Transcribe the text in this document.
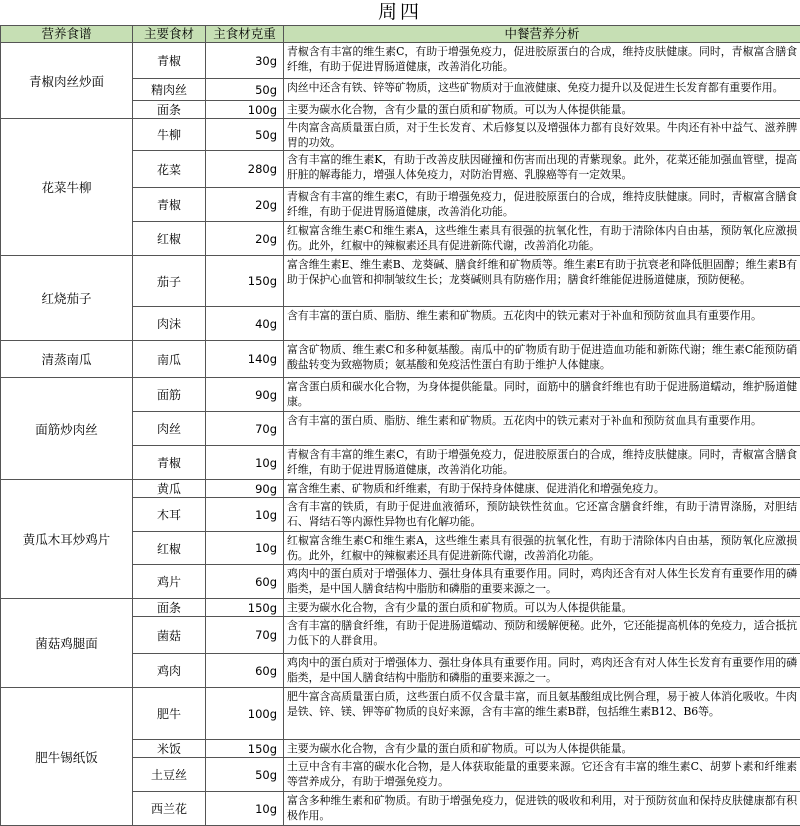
周四
营养食谱	主要食材	主食材克重	中餐营养分析
青椒肉丝炒面	青椒	30g	青椒含有丰富的维生素C，有助于增强免疫力，促进胶原蛋白的合成，维持皮肤健康。同时，青椒富含膳食纤维，有助于促进胃肠道健康，改善消化功能。
	精肉丝	50g	肉丝中还含有铁、锌等矿物质，这些矿物质对于血液健康、免疫力提升以及促进生长发育都有重要作用。
	面条	100g	主要为碳水化合物，含有少量的蛋白质和矿物质。可以为人体提供能量。
花菜牛柳	牛柳	50g	牛肉富含高质量蛋白质，对于生长发育、术后修复以及增强体力都有良好效果。牛肉还有补中益气、滋养脾胃的功效。
	花菜	280g	含有丰富的维生素K，有助于改善皮肤因碰撞和伤害而出现的青紫现象。此外，花菜还能加强血管壁，提高肝脏的解毒能力，增强人体免疫力，对防治胃癌、乳腺癌等有一定效果。
	青椒	20g	青椒含有丰富的维生素C，有助于增强免疫力，促进胶原蛋白的合成，维持皮肤健康。同时，青椒富含膳食纤维，有助于促进胃肠道健康，改善消化功能。
	红椒	20g	红椒富含维生素C和维生素A，这些维生素具有很强的抗氧化性，有助于清除体内自由基，预防氧化应激损伤。此外，红椒中的辣椒素还具有促进新陈代谢，改善消化功能。
红烧茄子	茄子	150g	富含维生素E、维生素B、龙葵碱、膳食纤维和矿物质等。维生素E有助于抗衰老和降低胆固醇；维生素B有助于保护心血管和抑制皱纹生长；龙葵碱则具有防癌作用；膳食纤维能促进肠道健康，预防便秘。
	肉沫	40g	含有丰富的蛋白质、脂肪、维生素和矿物质。五花肉中的铁元素对于补血和预防贫血具有重要作用。
清蒸南瓜	南瓜	140g	富含矿物质、维生素C和多种氨基酸。南瓜中的矿物质有助于促进造血功能和新陈代谢；维生素C能预防硝酸盐转变为致癌物质；氨基酸和免疫活性蛋白有助于维护人体健康。
面筋炒肉丝	面筋	90g	富含蛋白质和碳水化合物，为身体提供能量。同时，面筋中的膳食纤维也有助于促进肠道蠕动，维护肠道健康。
	肉丝	70g	含有丰富的蛋白质、脂肪、维生素和矿物质。五花肉中的铁元素对于补血和预防贫血具有重要作用。
	青椒	10g	青椒含有丰富的维生素C，有助于增强免疫力，促进胶原蛋白的合成，维持皮肤健康。同时，青椒富含膳食纤维，有助于促进胃肠道健康，改善消化功能。
黄瓜木耳炒鸡片	黄瓜	90g	富含维生素、矿物质和纤维素，有助于保持身体健康、促进消化和增强免疫力。
	木耳	10g	含有丰富的铁质，有助于促进血液循环，预防缺铁性贫血。它还富含膳食纤维，有助于清胃涤肠，对胆结石、肾结石等内源性异物也有化解功能。
	红椒	10g	红椒富含维生素C和维生素A，这些维生素具有很强的抗氧化性，有助于清除体内自由基，预防氧化应激损伤。此外，红椒中的辣椒素还具有促进新陈代谢，改善消化功能。
	鸡片	60g	鸡肉中的蛋白质对于增强体力、强壮身体具有重要作用。同时，鸡肉还含有对人体生长发育有重要作用的磷脂类，是中国人膳食结构中脂肪和磷脂的重要来源之一。
菌菇鸡腿面	面条	150g	主要为碳水化合物，含有少量的蛋白质和矿物质。可以为人体提供能量。
	菌菇	70g	含有丰富的膳食纤维，有助于促进肠道蠕动、预防和缓解便秘。此外，它还能提高机体的免疫力，适合抵抗力低下的人群食用。
	鸡肉	60g	鸡肉中的蛋白质对于增强体力、强壮身体具有重要作用。同时，鸡肉还含有对人体生长发育有重要作用的磷脂类，是中国人膳食结构中脂肪和磷脂的重要来源之一。
肥牛锡纸饭	肥牛	100g	肥牛富含高质量蛋白质，这些蛋白质不仅含量丰富，而且氨基酸组成比例合理，易于被人体消化吸收。牛肉是铁、锌、镁、钾等矿物质的良好来源，含有丰富的维生素B群，包括维生素B12、B6等。
	米饭	150g	主要为碳水化合物，含有少量的蛋白质和矿物质。可以为人体提供能量。
	土豆丝	50g	土豆中含有丰富的碳水化合物，是人体获取能量的重要来源。它还含有丰富的维生素C、胡萝卜素和纤维素等营养成分，有助于增强免疫力。
	西兰花	10g	富含多种维生素和矿物质。有助于增强免疫力，促进铁的吸收和利用，对于预防贫血和保持皮肤健康都有积极作用。
